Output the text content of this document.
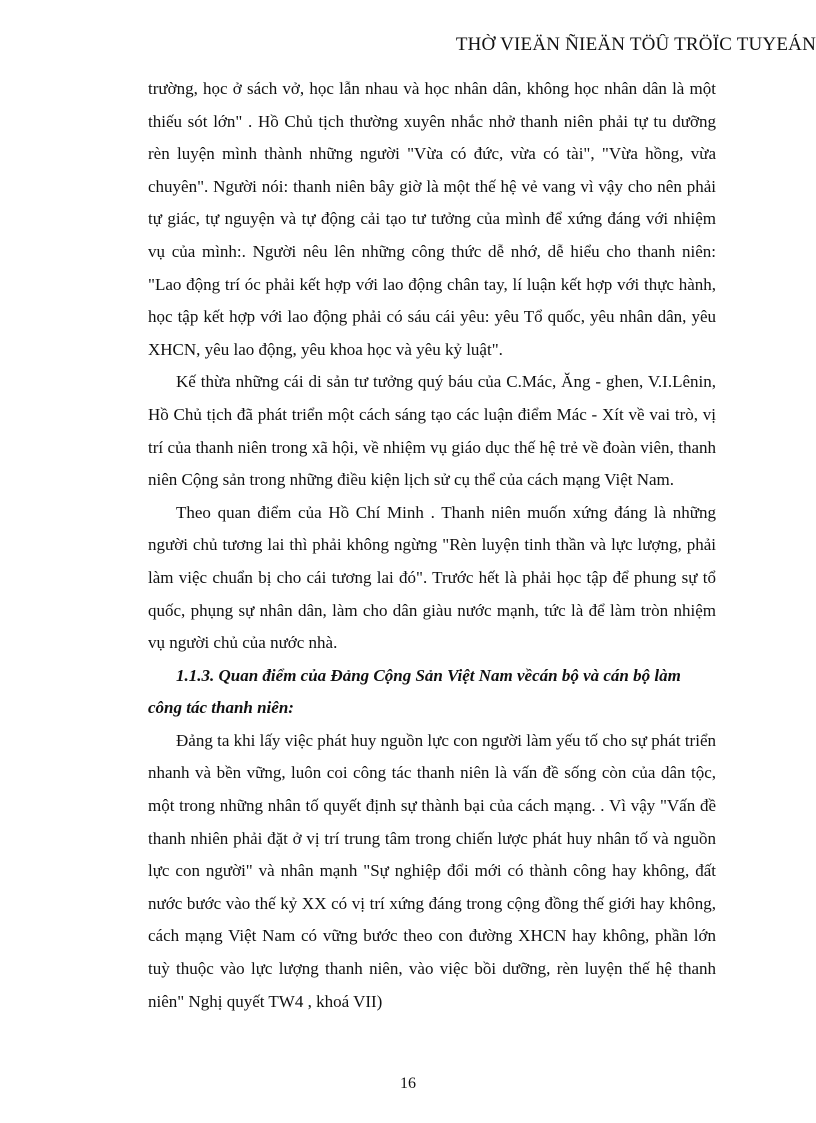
THỜ VIEÄN ÑIEÄN TÖÛ TRÖÏC TUYEÁN

trường, học ở sách vở, học lẫn nhau và học nhân dân, không học nhân dân là một thiếu sót lớn" . Hồ Chủ tịch thường xuyên nhắc nhở thanh niên phải tự tu dưỡng rèn luyện mình thành những người "Vừa có đức, vừa có tài", "Vừa hồng, vừa chuyên". Người nói: thanh niên bây giờ là một thế hệ vẻ vang vì vậy cho nên phải tự giác, tự nguyện và tự động cải tạo tư tưởng của mình để xứng đáng với nhiệm vụ của mình:. Người nêu lên những công thức dễ nhớ, dễ hiểu cho thanh niên: "Lao động trí óc phải kết hợp với lao động chân tay, lí luận kết hợp với thực hành, học tập kết hợp với lao động phải có sáu cái yêu: yêu Tổ quốc, yêu nhân dân, yêu XHCN, yêu lao động, yêu khoa học và yêu kỷ luật".

Kế thừa những cái di sản tư tưởng quý báu của C.Mác, Ăng - ghen, V.I.Lênin, Hồ Chủ tịch đã phát triển một cách sáng tạo các luận điểm Mác - Xít về vai trò, vị trí của thanh niên trong xã hội, về nhiệm vụ giáo dục thế hệ trẻ về đoàn viên, thanh niên Cộng sản trong những điều kiện lịch sử cụ thể của cách mạng Việt Nam.

Theo quan điểm của Hồ Chí Minh . Thanh niên muốn xứng đáng là những người chủ tương lai thì phải không ngừng "Rèn luyện tinh thần và lực lượng, phải làm việc chuẩn bị cho cái tương lai đó". Trước hết là phải học tập để phung sự tổ quốc, phụng sự nhân dân, làm cho dân giàu nước mạnh, tức là để làm tròn nhiệm vụ người chủ của nước nhà.

1.1.3. Quan điểm của Đảng Cộng Sản Việt Nam vềcán bộ và cán bộ làm công tác thanh niên:

Đảng ta khi lấy việc phát huy nguồn lực con người làm yếu tố cho sự phát triển nhanh và bền vững, luôn coi công tác thanh niên là vấn đề sống còn của dân tộc, một trong những nhân tố quyết định sự thành bại của cách mạng. . Vì vậy "Vấn đề thanh nhiên phải đặt ở vị trí trung tâm trong chiến lược phát huy nhân tố và nguồn lực con người" và nhân mạnh "Sự nghiệp đổi mới có thành công hay không, đất nước bước vào thế kỷ XX có vị trí xứng đáng trong cộng đồng thế giới hay không, cách mạng Việt Nam có vững bước theo con đường XHCN hay không, phần lớn tuỳ thuộc vào lực lượng thanh niên, vào việc bồi dưỡng, rèn luyện thế hệ thanh niên" Nghị quyết TW4 , khoá VII)

16
